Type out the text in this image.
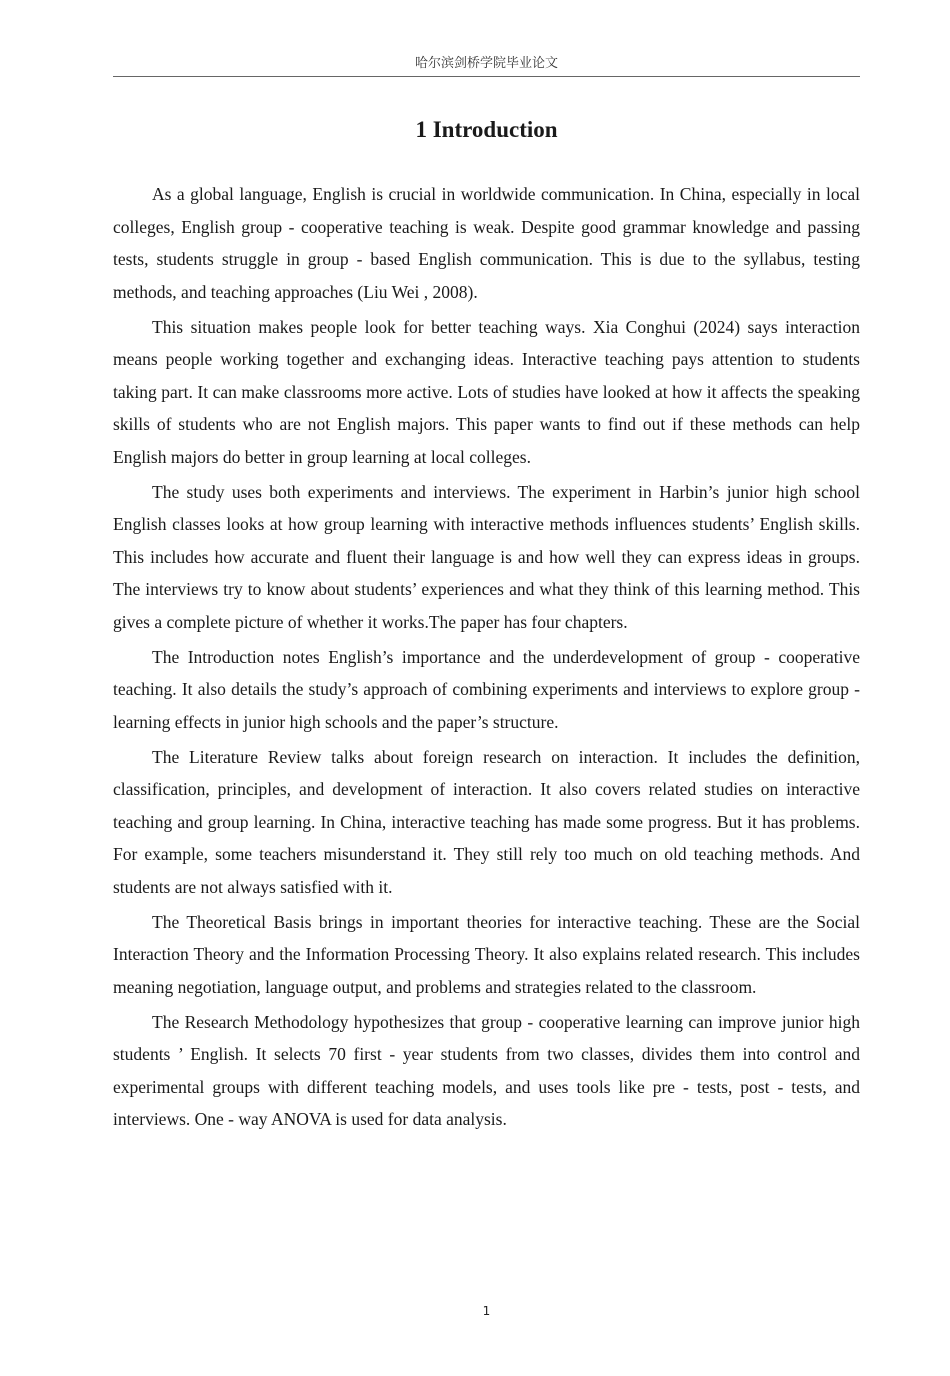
哈尔滨剑桥学院毕业论文
1 Introduction

As a global language, English is crucial in worldwide communication. In China, especially in local colleges, English group - cooperative teaching is weak. Despite good grammar knowledge and passing tests, students struggle in group - based English communication. This is due to the syllabus, testing methods, and teaching approaches (Liu Wei , 2008).

This situation makes people look for better teaching ways. Xia Conghui (2024) says interaction means people working together and exchanging ideas. Interactive teaching pays attention to students taking part. It can make classrooms more active. Lots of studies have looked at how it affects the speaking skills of students who are not English majors. This paper wants to find out if these methods can help English majors do better in group learning at local colleges.

The study uses both experiments and interviews. The experiment in Harbin’s junior high school English classes looks at how group learning with interactive methods influences students’ English skills. This includes how accurate and fluent their language is and how well they can express ideas in groups. The interviews try to know about students’ experiences and what they think of this learning method. This gives a complete picture of whether it works.The paper has four chapters.

The Introduction notes English’s importance and the underdevelopment of group - cooperative teaching. It also details the study’s approach of combining experiments and interviews to explore group - learning effects in junior high schools and the paper’s structure.

The Literature Review talks about foreign research on interaction. It includes the definition, classification, principles, and development of interaction. It also covers related studies on interactive teaching and group learning. In China, interactive teaching has made some progress. But it has problems. For example, some teachers misunderstand it. They still rely too much on old teaching methods. And students are not always satisfied with it.

The Theoretical Basis brings in important theories for interactive teaching. These are the Social Interaction Theory and the Information Processing Theory. It also explains related research. This includes meaning negotiation, language output, and problems and strategies related to the classroom.

The Research Methodology hypothesizes that group - cooperative learning can improve junior high students ’ English. It selects 70 first - year students from two classes, divides them into control and experimental groups with different teaching models, and uses tools like pre - tests, post - tests, and interviews. One - way ANOVA is used for data analysis.

1
